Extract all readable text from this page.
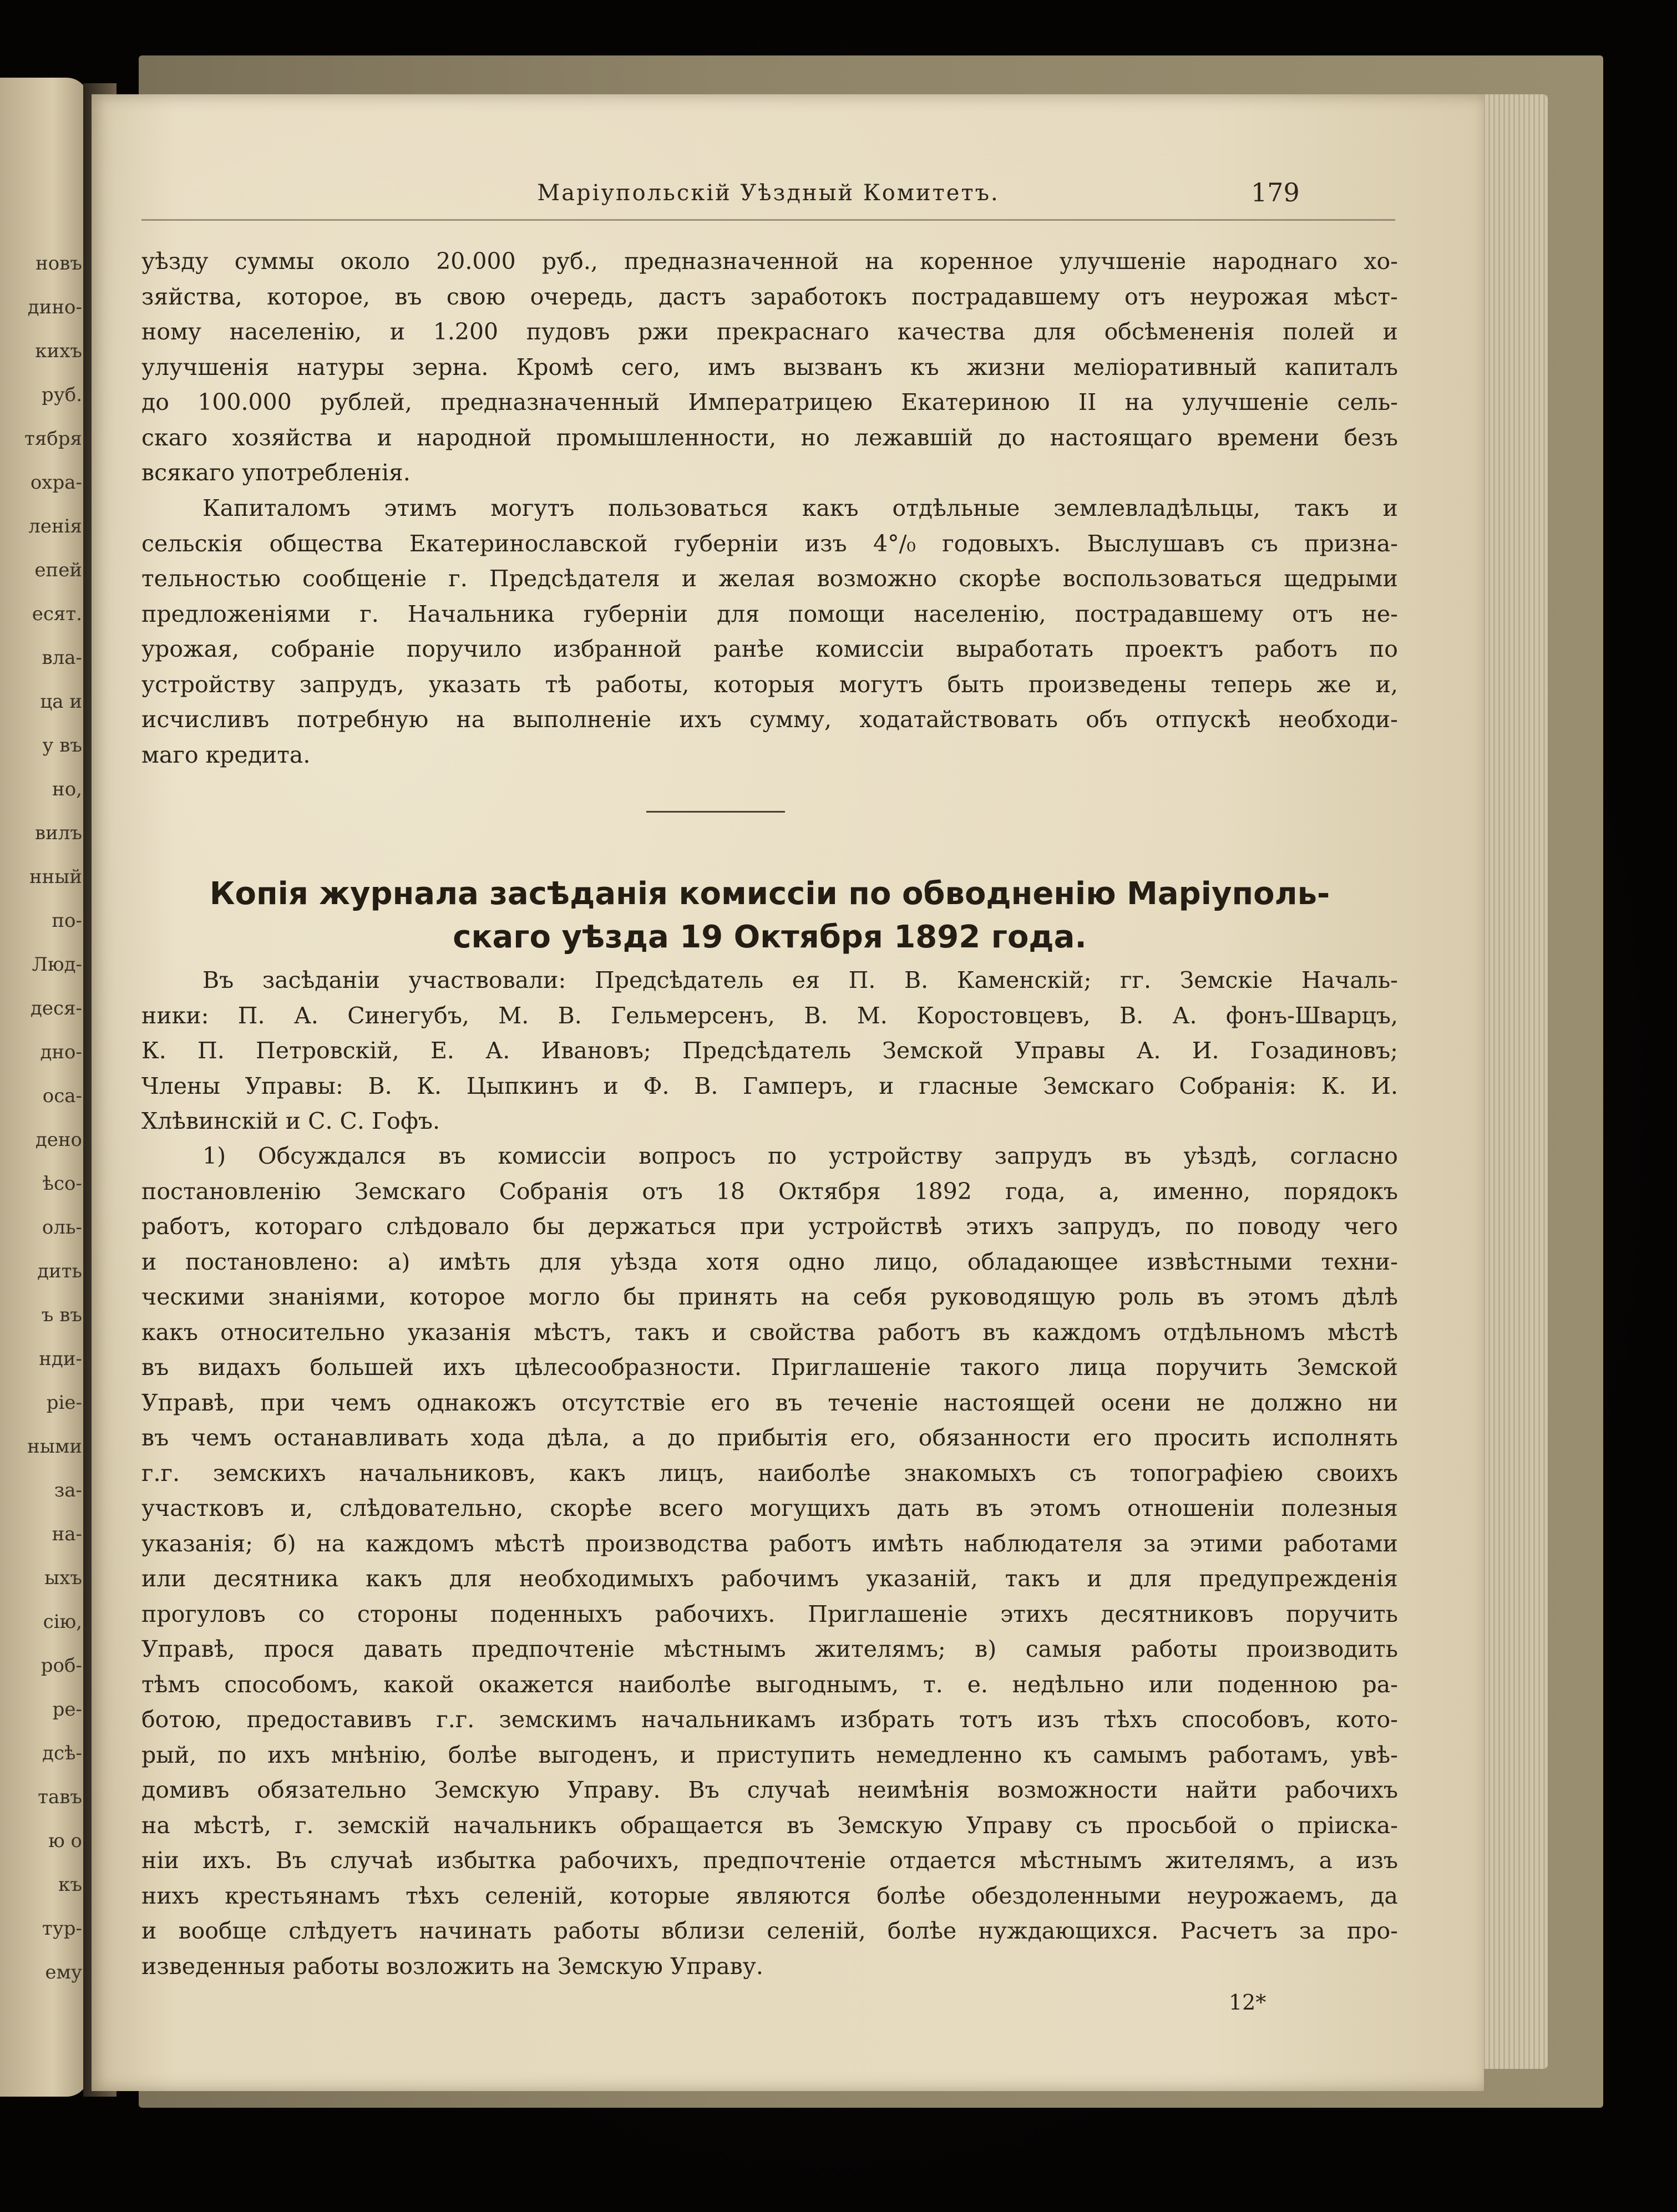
новъ
дино-
кихъ
руб.
тября
охра-
ленія
епей
есят.
вла-
ца и
у въ
но,
вилъ
нный
по-
Люд-
деся-
дно-
оса-
дено
ѣсо-
оль-
дить
ъ въ
нди-
ріе-
ными
за-
на-
ыхъ
сію,
роб-
ре-
дсѣ-
тавъ
ю о
къ
тур-
ему
Маріупольскій Уѣздный Комитетъ.	179
уѣзду суммы около 20.000 руб., предназначенной на коренное улучшеніе народнаго хо-
зяйства, которое, въ свою очередь, дастъ заработокъ пострадавшему отъ неурожая мѣст-
ному населенію, и 1.200 пудовъ ржи прекраснаго качества для обсѣмененія полей и
улучшенія натуры зерна. Кромѣ сего, имъ вызванъ къ жизни меліоративный капиталъ
до 100.000 рублей, предназначенный Императрицею Екатериною II на улучшеніе сель-
скаго хозяйства и народной промышленности, но лежавшій до настоящаго времени безъ
всякаго употребленія.
Капиталомъ этимъ могутъ пользоваться какъ отдѣльные землевладѣльцы, такъ и
сельскія общества Екатеринославской губерніи изъ 4°/₀ годовыхъ. Выслушавъ съ призна-
тельностью сообщеніе г. Предсѣдателя и желая возможно скорѣе воспользоваться щедрыми
предложеніями г. Начальника губерніи для помощи населенію, пострадавшему отъ не-
урожая, собраніе поручило избранной ранѣе комиссіи выработать проектъ работъ по
устройству запрудъ, указать тѣ работы, которыя могутъ быть произведены теперь же и,
исчисливъ потребную на выполненіе ихъ сумму, ходатайствовать объ отпускѣ необходи-
маго кредита.
Копія журнала засѣданія комиссіи по обводненію Маріуполь-
скаго уѣзда 19 Октября 1892 года.
Въ засѣданіи участвовали: Предсѣдатель ея П. В. Каменскій; гг. Земскіе Началь-
ники: П. А. Синегубъ, М. В. Гельмерсенъ, В. М. Коростовцевъ, В. А. фонъ-Шварцъ,
К. П. Петровскій, Е. А. Ивановъ; Предсѣдатель Земской Управы А. И. Гозадиновъ;
Члены Управы: В. К. Цыпкинъ и Ф. В. Гамперъ, и гласные Земскаго Собранія: К. И.
Хлѣвинскій и С. С. Гофъ.
1) Обсуждался въ комиссіи вопросъ по устройству запрудъ въ уѣздѣ, согласно
постановленію Земскаго Собранія отъ 18 Октября 1892 года, а, именно, порядокъ
работъ, котораго слѣдовало бы держаться при устройствѣ этихъ запрудъ, по поводу чего
и постановлено: а) имѣть для уѣзда хотя одно лицо, обладающее извѣстными техни-
ческими знаніями, которое могло бы принять на себя руководящую роль въ этомъ дѣлѣ
какъ относительно указанія мѣстъ, такъ и свойства работъ въ каждомъ отдѣльномъ мѣстѣ
въ видахъ большей ихъ цѣлесообразности. Приглашеніе такого лица поручить Земской
Управѣ, при чемъ однакожъ отсутствіе его въ теченіе настоящей осени не должно ни
въ чемъ останавливать хода дѣла, а до прибытія его, обязанности его просить исполнять
г.г. земскихъ начальниковъ, какъ лицъ, наиболѣе знакомыхъ съ топографіею своихъ
участковъ и, слѣдовательно, скорѣе всего могущихъ дать въ этомъ отношеніи полезныя
указанія; б) на каждомъ мѣстѣ производства работъ имѣть наблюдателя за этими работами
или десятника какъ для необходимыхъ рабочимъ указаній, такъ и для предупрежденія
прогуловъ со стороны поденныхъ рабочихъ. Приглашеніе этихъ десятниковъ поручить
Управѣ, прося давать предпочтеніе мѣстнымъ жителямъ; в) самыя работы производить
тѣмъ способомъ, какой окажется наиболѣе выгоднымъ, т. е. недѣльно или поденною ра-
ботою, предоставивъ г.г. земскимъ начальникамъ избрать тотъ изъ тѣхъ способовъ, кото-
рый, по ихъ мнѣнію, болѣе выгоденъ, и приступить немедленно къ самымъ работамъ, увѣ-
домивъ обязательно Земскую Управу. Въ случаѣ неимѣнія возможности найти рабочихъ
на мѣстѣ, г. земскій начальникъ обращается въ Земскую Управу съ просьбой о пріиска-
ніи ихъ. Въ случаѣ избытка рабочихъ, предпочтеніе отдается мѣстнымъ жителямъ, а изъ
нихъ крестьянамъ тѣхъ селеній, которые являются болѣе обездоленными неурожаемъ, да
и вообще слѣдуетъ начинать работы вблизи селеній, болѣе нуждающихся. Расчетъ за про-
изведенныя работы возложить на Земскую Управу.
12*
